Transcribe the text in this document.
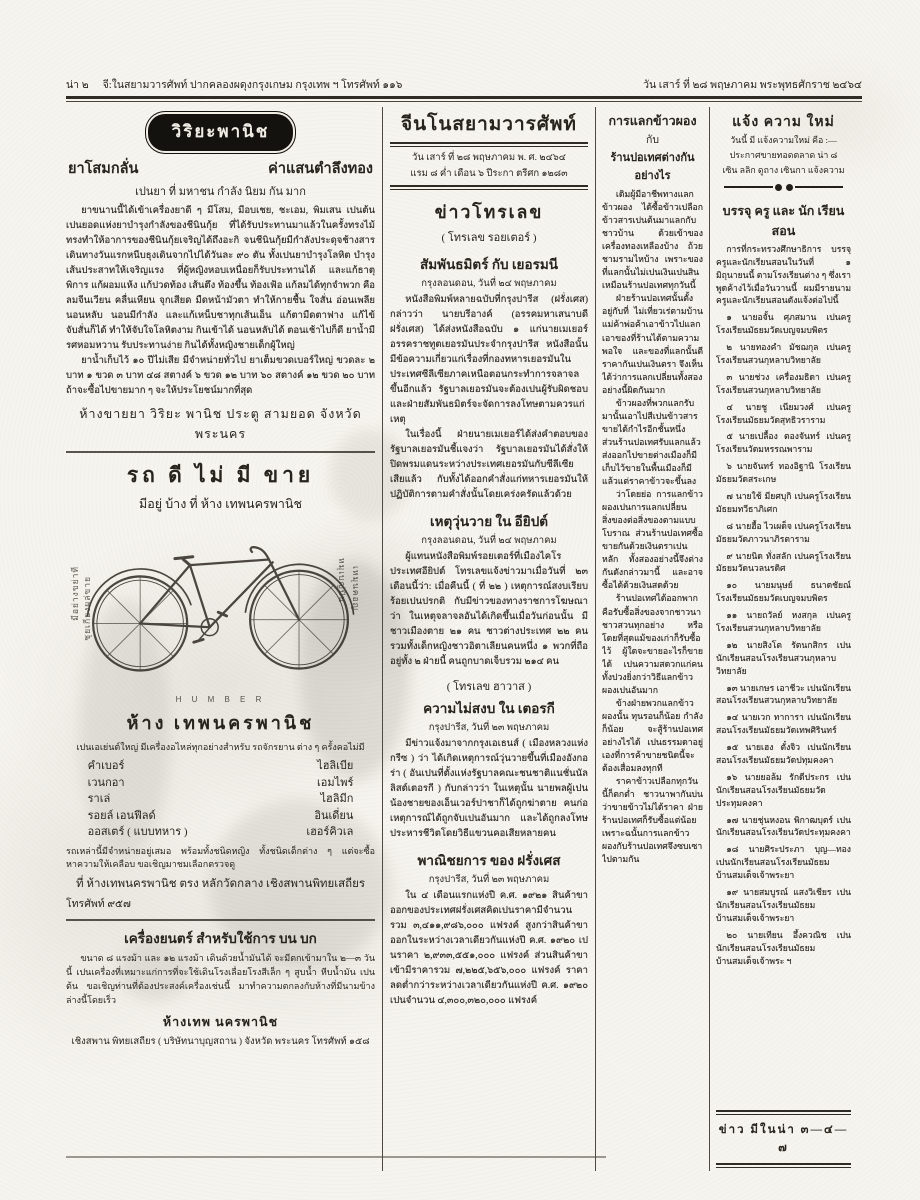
น่า ๒ จี:ในสยามวารศัพท์ ปากคลองผดุงกรุงเกษม กรุงเทพ ฯ โทรศัพท์ ๑๑๖	วัน เสาร์ ที่ ๒๘ พฤษภาคม พระพุทธศักราช ๒๔๖๔
วิริยะพานิช
ยาโสมกลั่น	ค่าแสนตำลึงทอง

เปนยา ที่ มหาชน กำลัง นิยม กัน มาก

ยาขนานนี้ได้เข้าเครื่องยาดี ๆ มีโสม, มีอบเชย, ชะเอม, พิมเสน เปนต้น เปนยอดแห่งยาบำรุงกำลังของชีนินกุ้ย ที่ได้รับประทานมาแล้วในครั้งทรงไม้ ทรงทำให้อาการของชีนินกุ้ยเจริญได้ถึงอะกิ จนชีนินกุ้ยมีกำลังประดุจช้างสาร เดินทางวันแรกหนีบธุงเดินจากไปได้วันละ ๙๐ ตัน ทั้งเปนยาบำรุงโลหิต บำรุงเส้นประสาทให้เจริญแรง ที่ผู้หญิงหอบเหนื่อยก็รับประทานได้ และแก้ธาตุพิการ แก้ผอมแห้ง แก้ปวดท้อง เส้นตึง ท้องขึ้น ท้องเฟ้อ แก้ลมได้ทุกจำพวก คือลมจีนเวียน คลื่นเหียน จุกเสียด มืดหน้ามัวตา ทำให้กายชื้น ใจสั่น อ่อนเพลีย นอนหลับ นอนมีกำลัง และแก้เหน็บชาทุกเส้นเอ็น แก้ตามืดตาฟาง แก้ไข้จับสั่นก็ได้ ทำให้จับใจโลหิตงาม กินเข้าได้ นอนหลับได้ ตอนเช้าไปก็ดี ยาน้ำมีรศหอมหวาน รับประทานง่าย กินได้ทั้งหญิงชายเด็กผู้ใหญ่

ยาน้ำเก็บไว้ ๑๐ ปีไม่เสีย มีจำหน่ายทั่วไป ยาเต็มขวดเบอร์ใหญ่ ขวดละ ๒ บาท ๑ ขวด ๓ บาท ๔๘ สตางค์ ๖ ขวด ๑๒ บาท ๖๐ สตางค์ ๑๒ ขวด ๒๐ บาท ถ้าจะซื้อไปขายมาก ๆ จะให้ประโยชน์มากที่สุด

ห้างขายยา วิริยะ พานิช ประตู สามยอด จังหวัด พระนคร

รถ ดี ไม่ มี ขาย

มีอยู่ บ้าง ที่ ห้าง เทพนครพานิช

มีอย่างขย่าที ชุยเกียงผล่ขาย	หมุเบญ่ปิน เหมุนคอญ
H U M B E R

ห้าง เทพนครพานิช

เปนเอเย่นต์ใหญ่ มีเครื่องอไหล่ทุกอย่างสำหรับ รถจักรยาน ต่าง ๆ ครั้งคอไม่มี

คำเบอร์	ไฮลิเบีย
เวนกอา	เอมไพร์
ราเล่	ไฮลิมีก
รอยล์ เอนฟีลด์	อินเดี่ยน
ออสเตร์ ( แบบทหาร )	เฮอร์คิวเล

รถเหล่านี้มีจำหน่ายอยู่เสมอ พร้อมทั้งชนิดหญิง ทั้งชนิดเด็กต่าง ๆ แต่จะซื้อหาความให้เคลือบ ขอเชิญมาชมเลือกตรวจดู

ที่ ห้างเทพนครพานิช ตรง หลักวัดกลาง เชิงสพานพิทยเสถียร

โทรศัพท์ ๙๕๗

เครื่องยนตร์ สำหรับใช้การ บน บก

ขนาด ๘ แรงม้า และ ๑๒ แรงม้า เดินด้วยน้ำมันได้ จะมีตกเข้ามาใน ๒—๓ วันนี้ เปนเครื่องที่เหมาะแก่การที่จะใช้เดินโรงเลื่อยโรงสีเล็ก ๆ สูบน้ำ หีบน้ำมัน เปนต้น ขอเชิญท่านที่ต้องประสงค์เครื่องเช่นนี้ มาทำความตกลงกับห้างที่มีนามข้างล่างนี้โดยเร็ว

ห้างเทพ นครพานิช

เชิงสพาน พิทยเสถียร ( บริษัทนาบุญสถาน ) จังหวัด พระนคร โทรศัพท์ ๑๕๘

จีนโนสยามวารศัพท์

วัน เสาร์ ที่ ๒๘ พฤษภาคม พ. ศ. ๒๔๖๔

แรม ๘ ค่ำ เดือน ๖ ปีระกา ตรีศก ๑๒๘๓

ข่าวโทรเลข

( โทรเลข รอยเตอร์ )

สัมพันธมิตร์ กับ เยอรมนี

กรุงลอนดอน, วันที่ ๒๔ พฤษภาคม

หนังสือพิมพ์หลายฉบับที่กรุงปารีส (ฝรั่งเศส) กล่าวว่า นายบรีอางค์ (อรรคมหาเสนาบดีฝรั่งเศส) ได้ส่งหนังสือฉบับ ๑ แก่นายเมเยอร์ อรรคราชทูตเยอรมันประจำกรุงปารีส หนังสือนั้นมีข้อความเกี่ยวแก่เรื่องที่กองทหารเยอรมันในประเทศซีลีเซียภาคเหนือตอนกระทำการจลาจลขึ้นอีกแล้ว รัฐบาลเยอรมันจะต้องเปนผู้รับผิดชอบ และฝ่ายสัมพันธมิตร์จะจัดการลงโทษตามควรแก่เหตุ

ในเรื่องนี้ ฝ่ายนายเมเยอร์ได้ส่งคำตอบของรัฐบาลเยอรมันชี้แจงว่า รัฐบาลเยอรมันได้สั่งให้ปิดพรมแดนระหว่างประเทศเยอรมันกับซีลีเซียเสียแล้ว กับทั้งได้ออกคำสั่งแก่ทหารเยอรมันให้ปฏิบัติการตามคำสั่งนั้นโดยเคร่งครัดแล้วด้วย

เหตุวุ่นวาย ใน อียิปต์

กรุงลอนดอน, วันที่ ๒๔ พฤษภาคม

ผู้แทนหนังสือพิมพ์รอยเตอร์ที่เมืองไคโร ประเทศอียิปต์ โทรเลขแจ้งข่าวมาเมื่อวันที่ ๒๓ เดือนนี้ว่า: เมื่อคืนนี้ ( ที่ ๒๒ ) เหตุการณ์สงบเรียบร้อยเปนปรกติ กับมีข่าวของทางราชการโฆษณาว่า ในเหตุจลาจลอันได้เกิดขึ้นเมื่อวันก่อนนั้น มีชาวเมืองตาย ๒๑ คน ชาวต่างประเทศ ๒๒ คน รวมทั้งเด็กหญิงชาวอิตาเลียนคนหนึ่ง ๑ พวกที่ถืออยู่ทั้ง ๒ ฝ่ายนี้ คนถูกบาดเจ็บรวม ๒๑๔ คน

( โทรเลข ฮาวาส )

ความไม่สงบ ใน เตอรกี

กรุงปารีส, วันที่ ๒๓ พฤษภาคม

มีข่าวแจ้งมาจากกรุงเอเธนส์ ( เมืองหลวงแห่งกรีซ ) ว่า ได้เกิดเหตุการณ์วุ่นวายขึ้นที่เมืองอังกอร่า ( อันเปนที่ตั้งแห่งรัฐบาลคณะชนชาติแนชั่นนัลลิสต์เตอรกี ) กับกล่าวว่า ในเหตุนั้น นายพลผู้เปนน้องชายของเอ็นเวอร์ปาชาก็ได้ถูกฆ่าตาย คนก่อเหตุการณ์ได้ถูกจับเปนอันมาก และได้ถูกลงโทษประหารชีวิตโดยวิธีแขวนคอเสียหลายคน

พาณิชยการ ของ ฝรั่งเศส

กรุงปารีส, วันที่ ๒๓ พฤษภาคม

ใน ๔ เดือนแรกแห่งปี ค.ศ. ๑๙๒๑ สินค้าขาออกของประเทศฝรั่งเศสคิดเปนราคามีจำนวนรวม ๓,๔๑๑,๙๘๖,๐๐๐ แฟรงค์ สูงกว่าสินค้าขาออกในระหว่างเวลาเดียวกันแห่งปี ค.ศ. ๑๙๒๐ เปนราคา ๒,๙๓๓,๕๕๑,๐๐๐ แฟรงค์ ส่วนสินค้าขาเข้ามีราคารวม ๗,๒๒๕,๖๕๖,๐๐๐ แฟรงค์ ราคาลดต่ำกว่าระหว่างเวลาเดียวกันแห่งปี ค.ศ. ๑๙๒๐ เปนจำนวน ๔,๓๐๐,๓๒๐,๐๐๐ แฟรงค์

การแลกข้าวผอง

กับ

ร้านปอเทศต่างกันอย่างไร

เดิมผู้มีอาชีพทางแลกข้าวผอง ได้ซื้อข้าวเปลือกข้าวสารเปนต้นมาแลกกับชาวบ้าน ด้วยเข้าของเครื่องทองเหลืองบ้าง ถ้วยชามรามไหบ้าง เพราะของที่แลกนั้นไม่เปนเงินเปนสินเหมือนร้านปอเทศทุกวันนี้

ฝ่ายร้านปอเทศนั้นตั้งอยู่กับที่ ไม่เที่ยวเร่ตามบ้าน แม่ค้าพ่อค้าเอาข้าวไปแลกเอาของที่ร้านได้ตามความพอใจ และของที่แลกนั้นตีราคากันเปนเงินตรา จึงเห็นได้ว่าการแลกเปลี่ยนทั้งสองอย่างนี้ผิดกันมาก

ข้าวผองที่พวกแลกรับมานั้นเอาไปสีเปนข้าวสารขายได้กำไรอีกชั้นหนึ่ง ส่วนร้านปอเทศรับแลกแล้วส่งออกไปขายต่างเมืองก็มี เก็บไว้ขายในพื้นเมืองก็มี แล้วแต่ราคาข้าวจะขึ้นลง

ว่าโดยย่อ การแลกข้าวผองเปนการแลกเปลี่ยนสิ่งของต่อสิ่งของตามแบบโบราณ ส่วนร้านปอเทศซื้อขายกันด้วยเงินตราเปนหลัก ทั้งสองอย่างนี้จึงต่างกันดังกล่าวมานี้ และอาจซื้อได้ด้วยเงินสดด้วย

ร้านปอเทศได้ออกพาก คือรับซื้อสิ่งของจากชาวนาชาวสวนทุกอย่าง หรือโดยที่สุดแม้ของเก่าก็รับซื้อไว้ ผู้ใดจะขายอะไรก็ขายได้ เปนความสดวกแก่คนทั้งปวงยิ่งกว่าวิธีแลกข้าวผองเปนอันมาก

ข้างฝ่ายพวกแลกข้าวผองนั้น ทุนรอนก็น้อย กำลังก็น้อย จะสู้ร้านปอเทศอย่างไรได้ เปนธรรมดาอยู่เองที่การค้าขายชนิดนี้จะต้องเสื่อมลงทุกที

ราคาข้าวเปลือกทุกวันนี้ก็ตกต่ำ ชาวนาพากันบ่นว่าขายข้าวไม่ได้ราคา ฝ่ายร้านปอเทศก็รับซื้อแต่น้อย เพราะฉนั้นการแลกข้าวผองกับร้านปอเทศจึงซบเซาไปตามกัน

แจ้ง ความ ใหม่

วันนี้ มี แจ้งความใหม่ คือ :—

ประกาศขายทอดตลาด น่า ๘

เซิน ลลิก ดูถาง เซินกา แจ้งความ

บรรจุ ครู และ นัก เรียน สอน

การที่กระทรวงศึกษาธิการ บรรจุครูและนักเรียนสอนในวันที่ ๑ มิถุนายนนี้ ตามโรงเรียนต่าง ๆ ซึ่งเราพูดค้างไว้เมื่อวันวานนี้ ผมมีรายนามครูและนักเรียนสอนดังแจ้งต่อไปนี้

๑ นายอจั้น ศุภสมาน เปนครูโรงเรียนมัธยมวัดเบญจมบพิตร

๒ นายทองคำ มัชฌกุล เปนครูโรงเรียนสวนกุหลาบวิทยาลัย

๓ นายช่วง เครื่องมธิดา เปนครูโรงเรียนสวนกุหลาบวิทยาลัย

๔ นายชู เนียมวงศ์ เปนครูโรงเรียนมัธยมวัดสุทธิวราราม

๕ นายเปลื้อง ตองจันทร์ เปนครูโรงเรียนวัดมหรรณพาราม

๖ นายจันทร์ ทองอิฐานิ โรงเรียนมัธยมวัดสระเกษ

๗ นายใช้ มียศบุกิ เปนครูโรงเรียนมัธยมทวีธาภิเศก

๘ นายฮื้อ ไวเผด็จ เปนครูโรงเรียนมัธยมวัดภาวนาภิรตาราม

๙ นายนิด ทั่งสลัก เปนครูโรงเรียนมัธยมวัดนวลนรดิศ

๑๐ นายมนุษย์ ธนาดชัยณ์ โรงเรียนมัธยมวัดเบญจมบพิตร

๑๑ นายถวัลย์ หงสกุล เปนครูโรงเรียนสวนกุหลาบวิทยาลัย

๑๒ นายสิงโต รัตนกสิกร เปนนักเรียนสอนโรงเรียนสวนกุหลาบวิทยาลัย

๑๓ นายเกษร เอาชีวะ เปนนักเรียนสอนโรงเรียนสวนกุหลาบวิทยาลัย

๑๔ นายเวก ทาการา เปนนักเรียนสอนโรงเรียนมัธยมวัดเทพศิรินทร์

๑๕ นายเฮง ตั๋งจิว เปนนักเรียนสอนโรงเรียนมัธยมวัดปทุมคงคา

๑๖ นายยอล้ม รักดีประกร เปนนักเรียนสอนโรงเรียนมัธยมวัดประทุมคงคา

๑๗ นายชุ่นหงอน พิกาฒบุตร์ เปนนักเรียนสอนโรงเรียนวัดประทุมคงคา

๑๘ นายศิระประภา บุญ—ทอง เปนนักเรียนสอนโรงเรียนมัธยมบ้านสมเด็จเจ้าพระยา

๑๙ นายสมบูรณ์ แสงวิเชียร เปนนักเรียนสอนโรงเรียนมัธยมบ้านสมเด็จเจ้าพระยา

๒๐ นายเทียน อึ้งควณิช เปนนักเรียนสอนโรงเรียนมัธยมบ้านสมเด็จเจ้าพระ ฯ

ข่าว มีในน่า ๓—๔—๗
